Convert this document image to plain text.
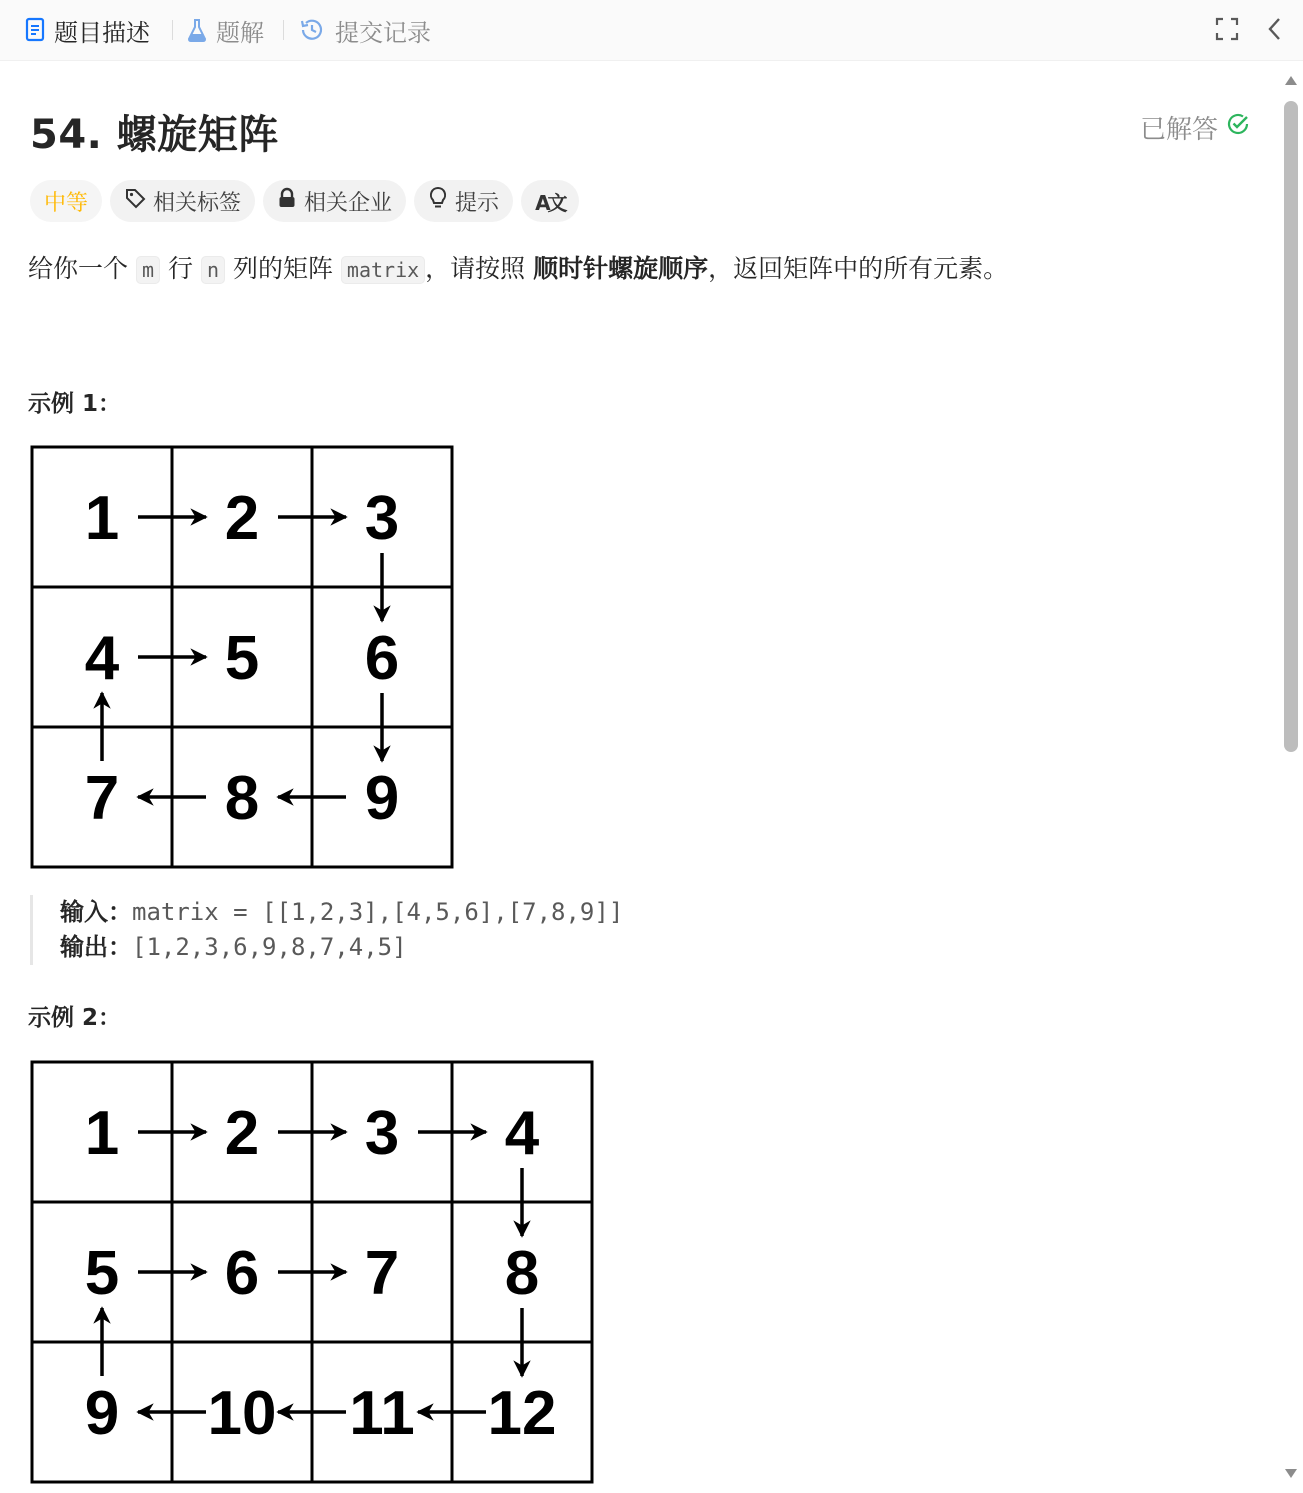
题目描述	题解	提交记录
54. 螺旋矩阵	已解答
中等	相关标签	相关企业	提示 A文
给你一个 m 行 n 列的矩阵 matrix ，请按照 顺时针螺旋顺序，返回矩阵中的所有元素。
示例 1：
1 2 3
4 5 6
7 8 9
输入：matrix = [[1,2,3],[4,5,6],[7,8,9]]
输出：[1,2,3,6,9,8,7,4,5]
示例 2：
1 2 3 4
5 6 7 8
9 10 11 12
